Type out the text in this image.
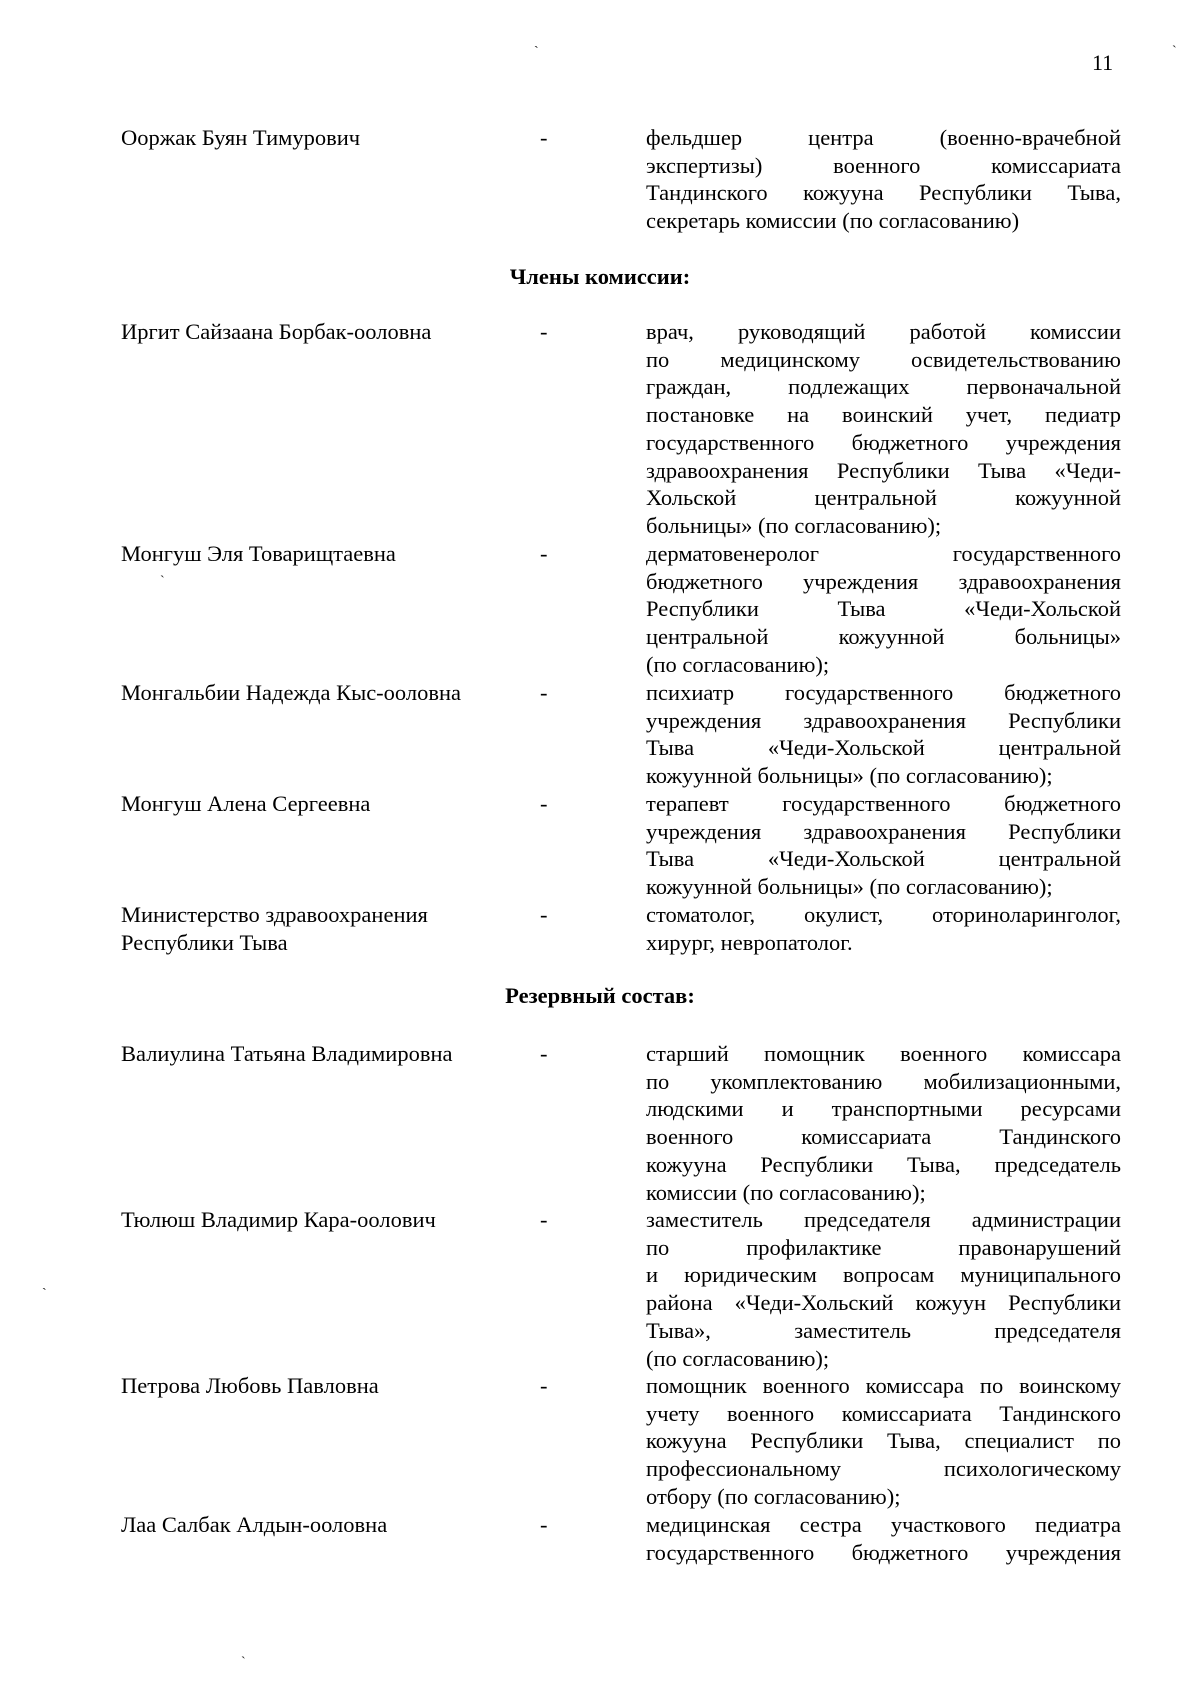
11
ˏ
ˋ
ˋ
ˏ
ˋ
Ооржак Буян Тимурович	-	фельдшер центра (военно-врачебной
экспертизы) военного комиссариата
Тандинского кожууна Республики Тыва,
секретарь комиссии (по согласованию)
Члены комиссии:
Иргит Сайзаана Борбак-ооловна	-	врач, руководящий работой комиссии
по медицинскому освидетельствованию
граждан, подлежащих первоначальной
постановке на воинский учет, педиатр
государственного бюджетного учреждения
здравоохранения Республики Тыва «Чеди-
Хольской центральной кожуунной
больницы» (по согласованию);
Монгуш Эля Товарищтаевна	-	дерматовенеролог государственного
бюджетного учреждения здравоохранения
Республики Тыва «Чеди-Хольской
центральной кожуунной больницы»
(по согласованию);
Монгальбии Надежда Кыс-ооловна	-	психиатр государственного бюджетного
учреждения здравоохранения Республики
Тыва «Чеди-Хольской центральной
кожуунной больницы» (по согласованию);
Монгуш Алена Сергеевна	-	терапевт государственного бюджетного
учреждения здравоохранения Республики
Тыва «Чеди-Хольской центральной
кожуунной больницы» (по согласованию);
Министерство здравоохранения
Республики Тыва
-	стоматолог, окулист, оториноларинголог,
хирург, невропатолог.
Резервный состав:
Валиулина Татьяна Владимировна	-	старший помощник военного комиссара
по укомплектованию мобилизационными,
людскими и транспортными ресурсами
военного комиссариата Тандинского
кожууна Республики Тыва, председатель
комиссии (по согласованию);
Тюлюш Владимир Кара-оолович	-	заместитель председателя администрации
по профилактике правонарушений
и юридическим вопросам муниципального
района «Чеди-Хольский кожуун Республики
Тыва», заместитель председателя
(по согласованию);
Петрова Любовь Павловна	-	помощник военного комиссара по воинскому
учету военного комиссариата Тандинского
кожууна Республики Тыва, специалист по
профессиональному психологическому
отбору (по согласованию);
Лаа Салбак Алдын-ооловна	-	медицинская сестра участкового педиатра
государственного бюджетного учреждения
